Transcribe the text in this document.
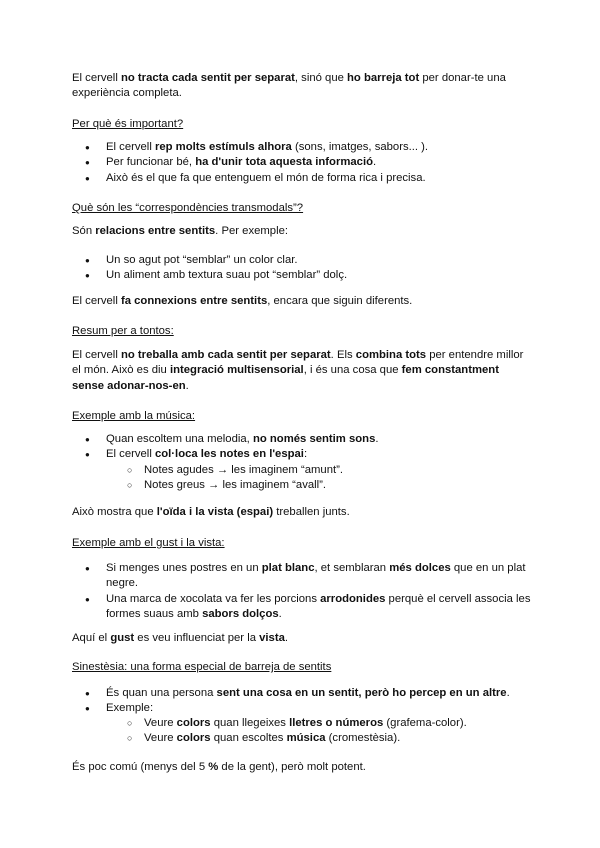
El cervell no tracta cada sentit per separat, sinó que ho barreja tot per donar-te una experiència completa.

Per què és important?
● El cervell rep molts estímuls alhora (sons, imatges, sabors... ).
● Per funcionar bé, ha d'unir tota aquesta informació.
● Això és el que fa que entenguem el món de forma rica i precisa.
Què són les “correspondències transmodals”?

Són relacions entre sentits. Per exemple:

● Un so agut pot “semblar” un color clar.
● Un aliment amb textura suau pot “semblar” dolç.

El cervell fa connexions entre sentits, encara que siguin diferents.

Resum per a tontos:

El cervell no treballa amb cada sentit per separat. Els combina tots per entendre millor el món. Això es diu integració multisensorial, i és una cosa que fem constantment sense adonar-nos-en.

Exemple amb la música:
● Quan escoltem una melodia, no només sentim sons.
● El cervell col·loca les notes en l'espai:
○ Notes agudes → les imaginem “amunt”.
○ Notes greus → les imaginem “avall”.

Això mostra que l'oïda i la vista (espai) treballen junts.

Exemple amb el gust i la vista:
● Si menges unes postres en un plat blanc, et semblaran més dolces que en un plat negre.
● Una marca de xocolata va fer les porcions arrodonides perquè el cervell associa les formes suaus amb sabors dolços.

Aquí el gust es veu influenciat per la vista.

Sinestèsia: una forma especial de barreja de sentits
● És quan una persona sent una cosa en un sentit, però ho percep en un altre.
● Exemple:
○ Veure colors quan llegeixes lletres o números (grafema-color).
○ Veure colors quan escoltes música (cromestèsia).

És poc comú (menys del 5 % de la gent), però molt potent.
